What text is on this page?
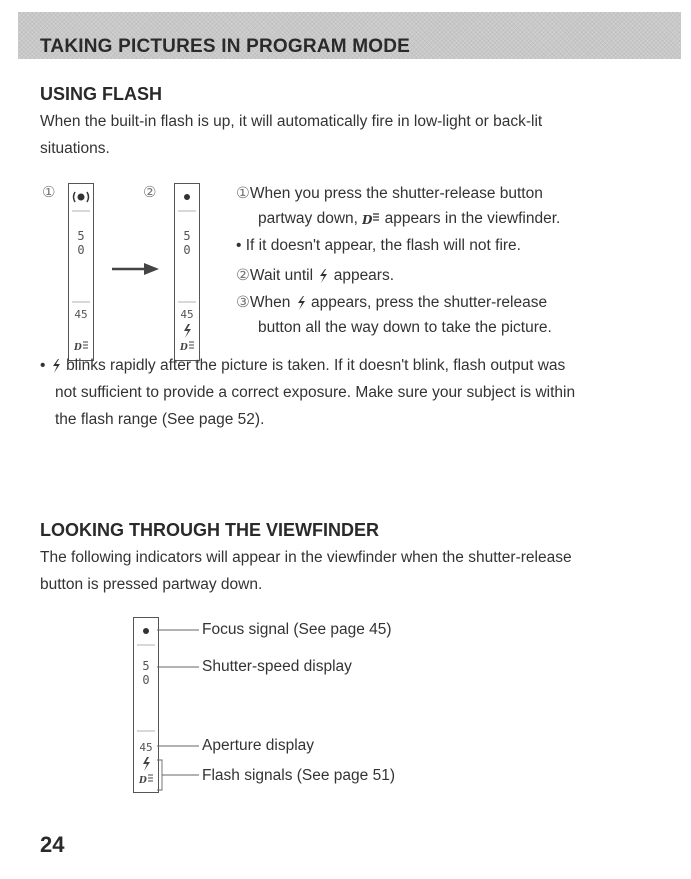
TAKING PICTURES IN PROGRAM MODE
USING FLASH
When the built-in flash is up, it will automatically fire in low-light or back-lit
situations.
①	②
5
0
45
D
5
0
45
D
①When you press the shutter-release button
partway down, D appears in the viewfinder.
• If it doesn't appear, the flash will not fire.
②Wait until appears.
③When appears, press the shutter-release
button all the way down to take the picture.
• blinks rapidly after the picture is taken. If it doesn't blink, flash output was
not sufficient to provide a correct exposure. Make sure your subject is within
the flash range (See page 52).
LOOKING THROUGH THE VIEWFINDER
The following indicators will appear in the viewfinder when the shutter-release
button is pressed partway down.
5
0
45
D
Focus signal (See page 45)
Shutter-speed display
Aperture display
Flash signals (See page 51)
24
